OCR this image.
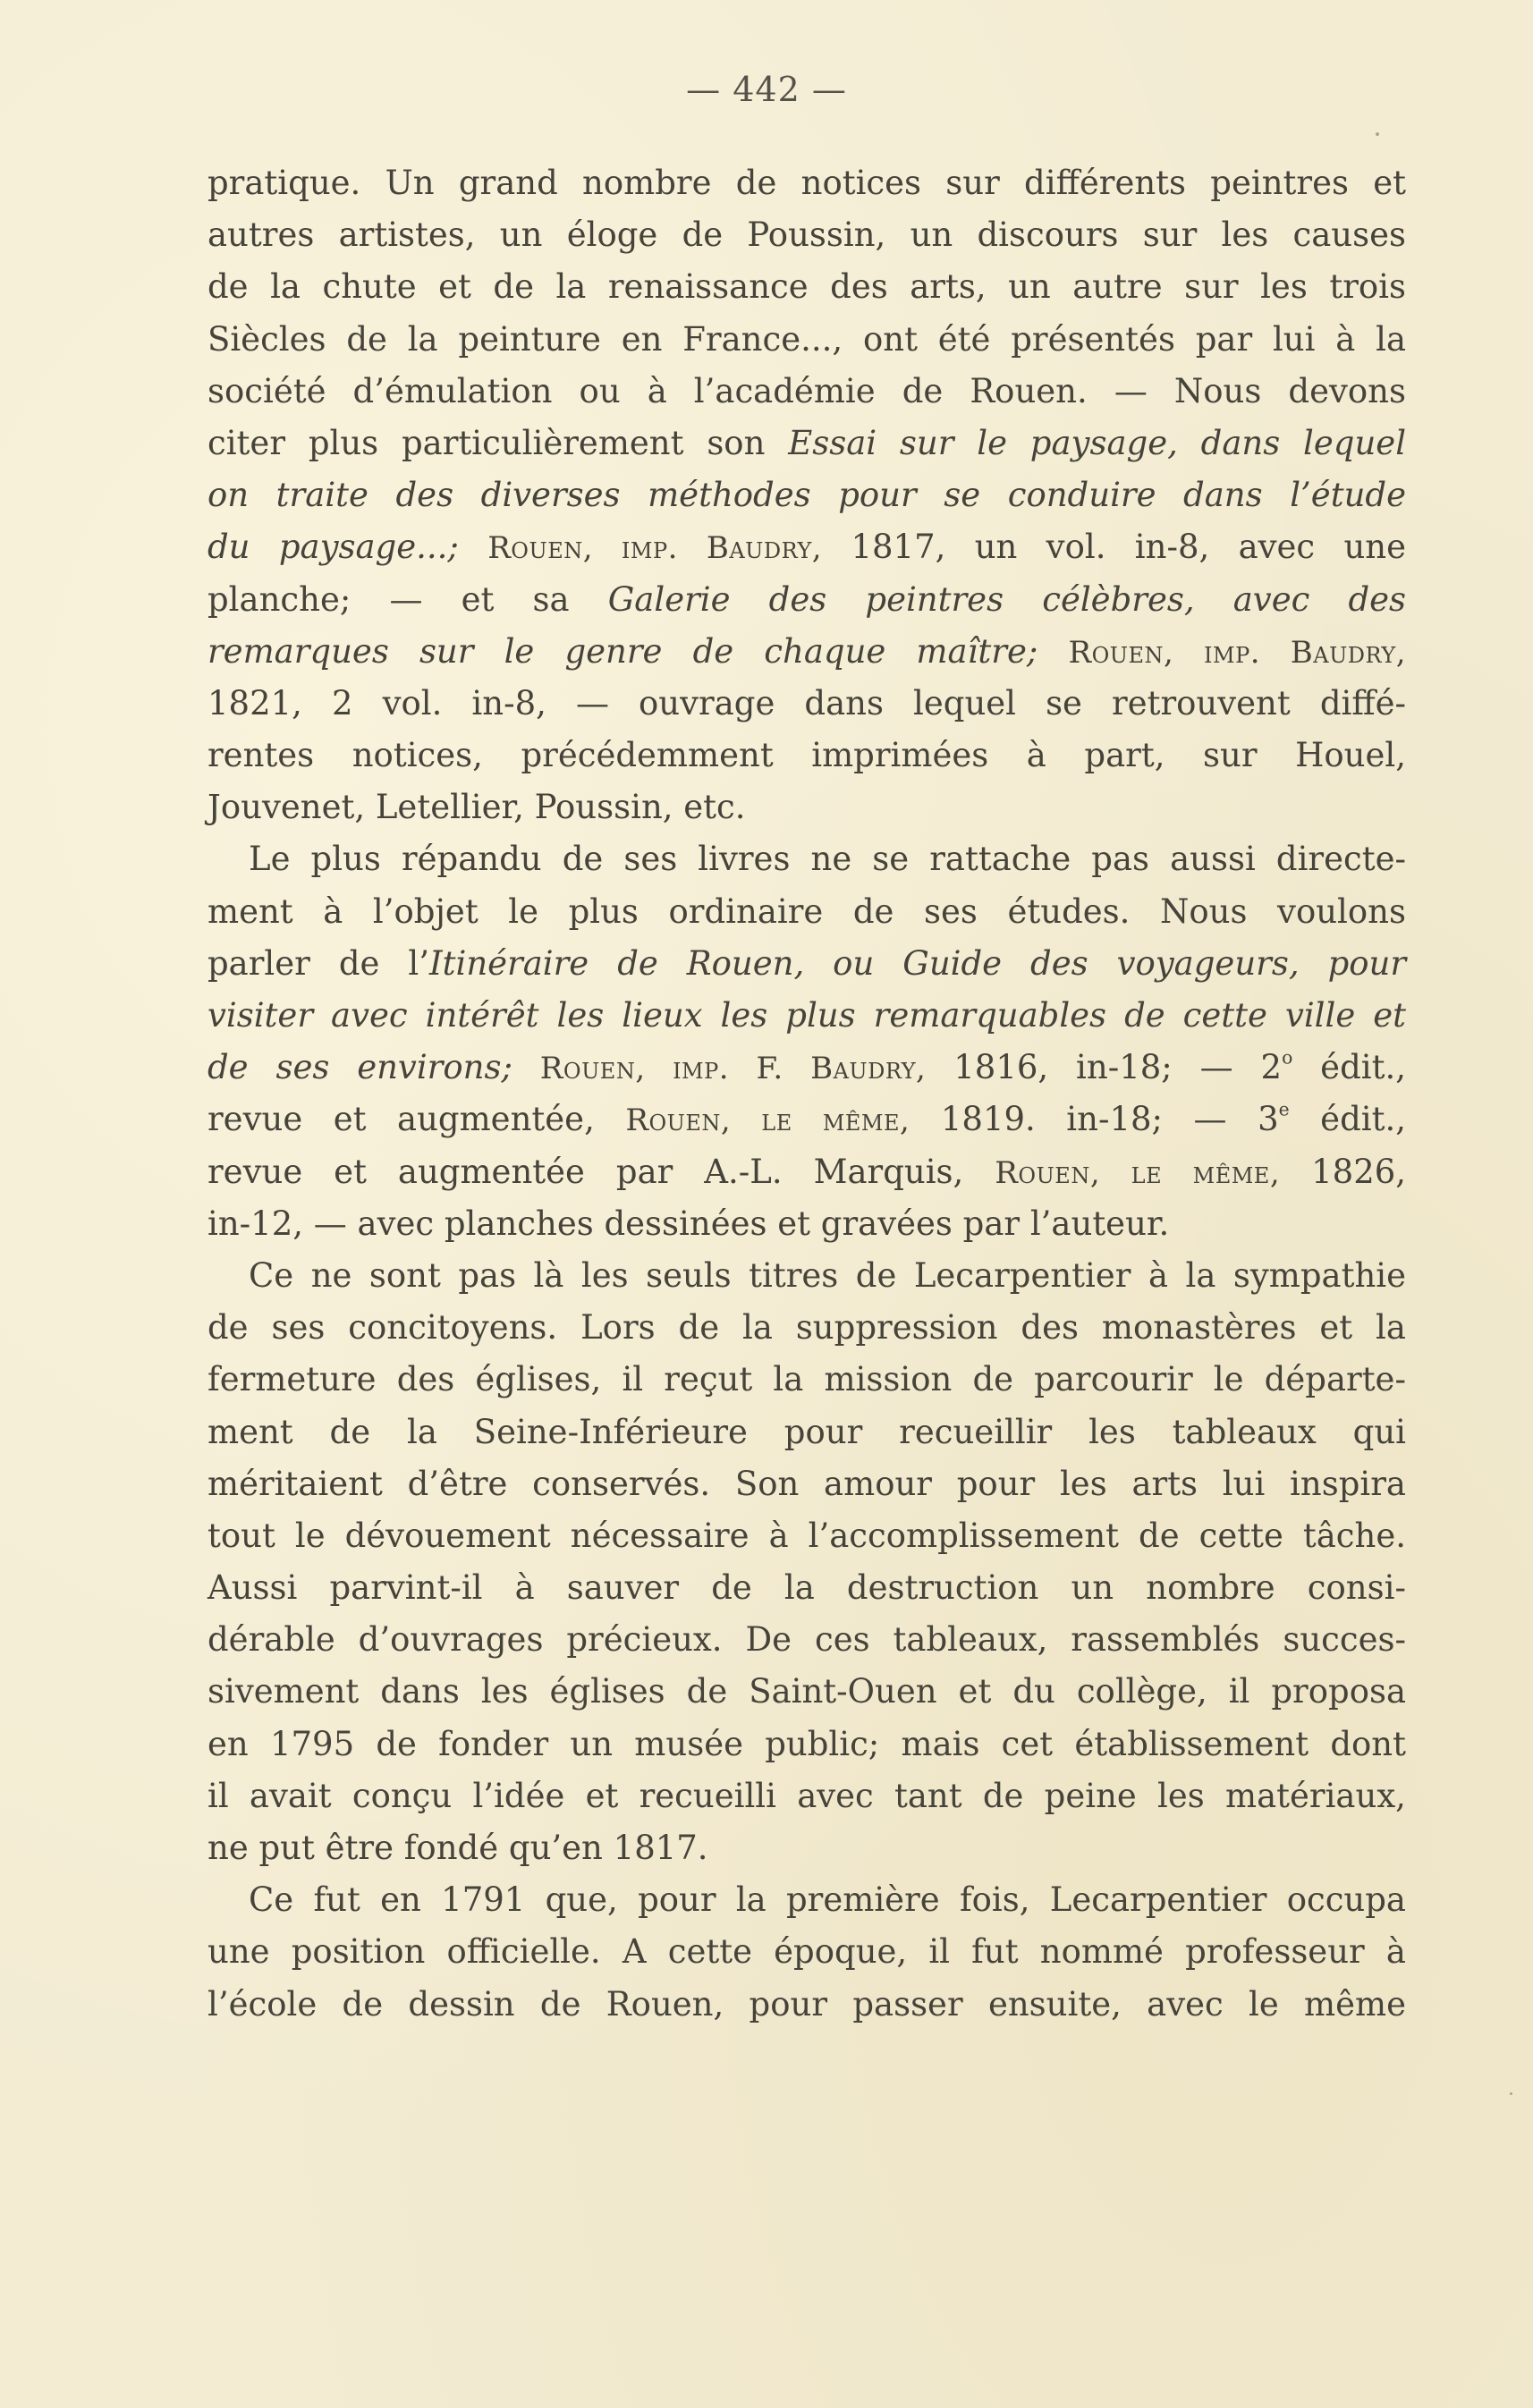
— 442 —
pratique. Un grand nombre de notices sur différents peintres et
autres artistes, un éloge de Poussin, un discours sur les causes
de la chute et de la renaissance des arts, un autre sur les trois
Siècles de la peinture en France..., ont été présentés par lui à la
société d’émulation ou à l’académie de Rouen. — Nous devons
citer plus particulièrement son Essai sur le paysage, dans lequel
on traite des diverses méthodes pour se conduire dans l’étude
du paysage...; Rouen, imp. Baudry, 1817, un vol. in-8, avec une
planche; — et sa Galerie des peintres célèbres, avec des
remarques sur le genre de chaque maître; Rouen, imp. Baudry,
1821, 2 vol. in-8, — ouvrage dans lequel se retrouvent diffé-
rentes notices, précédemment imprimées à part, sur Houel,
Jouvenet, Letellier, Poussin, etc.
Le plus répandu de ses livres ne se rattache pas aussi directe-
ment à l’objet le plus ordinaire de ses études. Nous voulons
parler de l’Itinéraire de Rouen, ou Guide des voyageurs, pour
visiter avec intérêt les lieux les plus remarquables de cette ville et
de ses environs; Rouen, imp. F. Baudry, 1816, in-18; — 2$^o$ édit.,
revue et augmentée, Rouen, le même, 1819. in-18; — 3e édit.,
revue et augmentée par A.-L. Marquis, Rouen, le même, 1826,
in-12, — avec planches dessinées et gravées par l’auteur.
Ce ne sont pas là les seuls titres de Lecarpentier à la sympathie
de ses concitoyens. Lors de la suppression des monastères et la
fermeture des églises, il reçut la mission de parcourir le départe-
ment de la Seine-Inférieure pour recueillir les tableaux qui
méritaient d’être conservés. Son amour pour les arts lui inspira
tout le dévouement nécessaire à l’accomplissement de cette tâche.
Aussi parvint-il à sauver de la destruction un nombre consi-
dérable d’ouvrages précieux. De ces tableaux, rassemblés succes-
sivement dans les églises de Saint-Ouen et du collège, il proposa
en 1795 de fonder un musée public; mais cet établissement dont
il avait conçu l’idée et recueilli avec tant de peine les matériaux,
ne put être fondé qu’en 1817.
Ce fut en 1791 que, pour la première fois, Lecarpentier occupa
une position officielle. A cette époque, il fut nommé professeur à
l’école de dessin de Rouen, pour passer ensuite, avec le même
